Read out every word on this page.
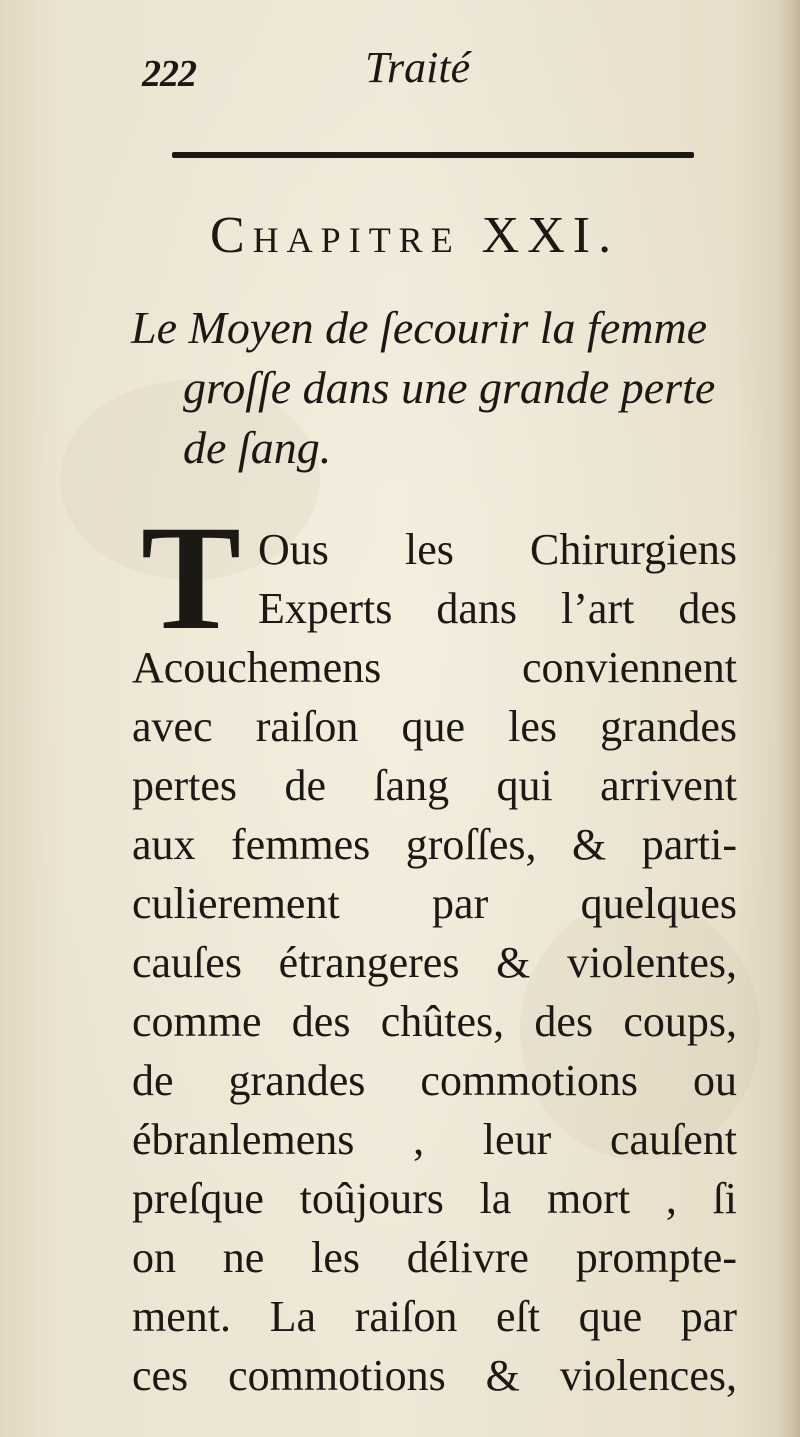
222	Traité
Chapitre XXI.
Le Moyen de ſecourir la femme
groſſe dans une grande perte
de ſang.
T Ous les Chirurgiens
Experts dans l’art des
Acouchemens conviennent
avec raiſon que les grandes
pertes de ſang qui arrivent
aux femmes groſſes, & parti-
culierement par quelques
cauſes étrangeres & violentes,
comme des chûtes, des coups,
de grandes commotions ou
ébranlemens , leur cauſent
preſque toûjours la mort , ſi
on ne les délivre prompte-
ment. La raiſon eſt que par
ces commotions & violences,
